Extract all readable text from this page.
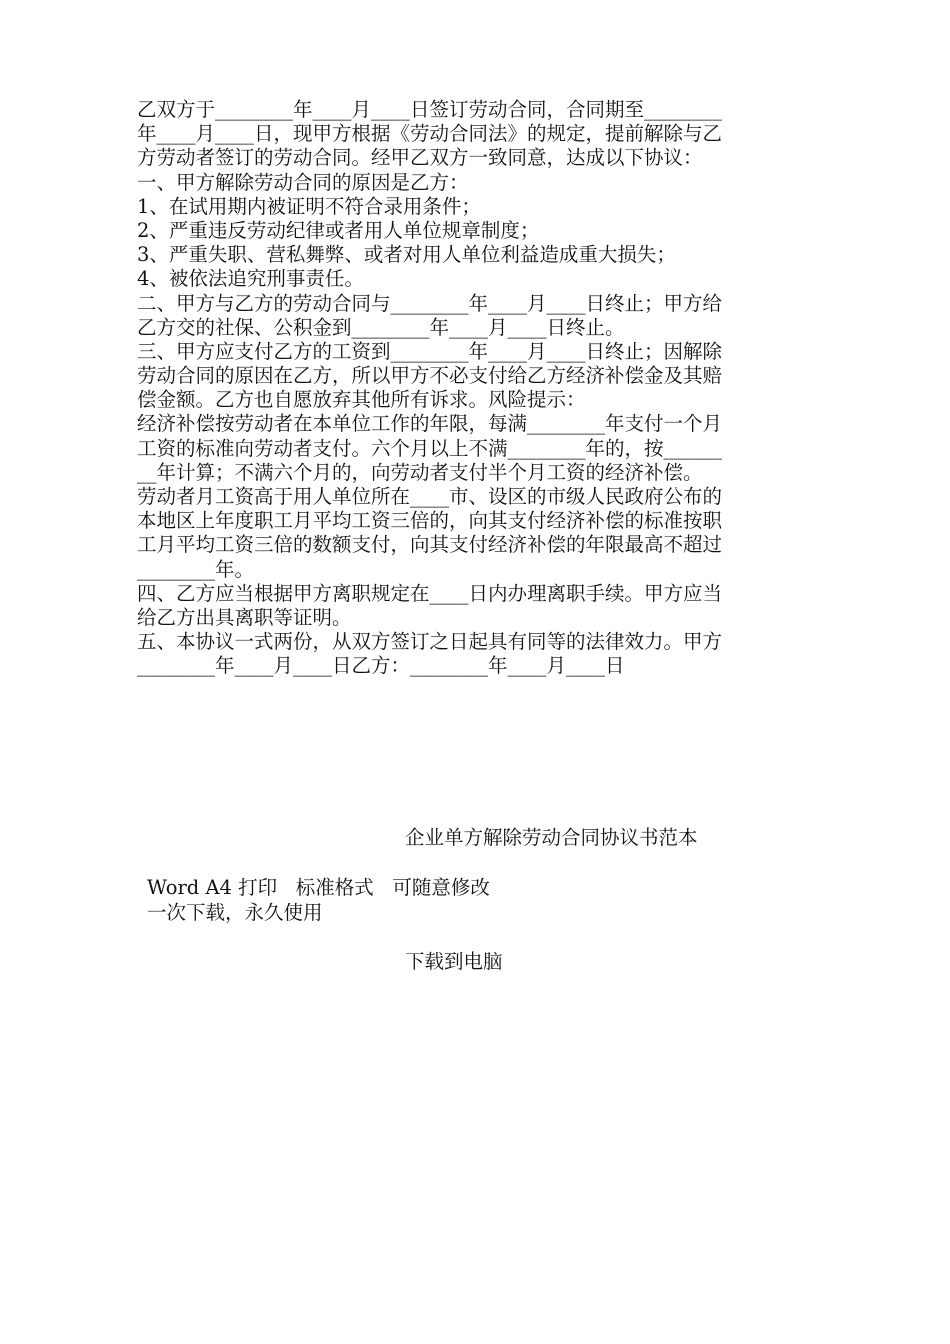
乙双方于________年____月____日签订劳动合同，合同期至________
年____月____日，现甲方根据《劳动合同法》的规定，提前解除与乙
方劳动者签订的劳动合同。经甲乙双方一致同意，达成以下协议：
一、甲方解除劳动合同的原因是乙方：
1、在试用期内被证明不符合录用条件；
2、严重违反劳动纪律或者用人单位规章制度；
3、严重失职、营私舞弊、或者对用人单位利益造成重大损失；
4、被依法追究刑事责任。
二、甲方与乙方的劳动合同与________年____月____日终止；甲方给
乙方交的社保、公积金到________年____月____日终止。
三、甲方应支付乙方的工资到________年____月____日终止；因解除
劳动合同的原因在乙方，所以甲方不必支付给乙方经济补偿金及其赔
偿金额。乙方也自愿放弃其他所有诉求。风险提示：
经济补偿按劳动者在本单位工作的年限，每满________年支付一个月
工资的标准向劳动者支付。六个月以上不满________年的，按______
__年计算；不满六个月的，向劳动者支付半个月工资的经济补偿。
劳动者月工资高于用人单位所在____市、设区的市级人民政府公布的
本地区上年度职工月平均工资三倍的，向其支付经济补偿的标准按职
工月平均工资三倍的数额支付，向其支付经济补偿的年限最高不超过
________年。
四、乙方应当根据甲方离职规定在____日内办理离职手续。甲方应当
给乙方出具离职等证明。
五、本协议一式两份，从双方签订之日起具有同等的法律效力。甲方
________年____月____日乙方：________年____月____日
企业单方解除劳动合同协议书范本
Word A4 打印   标准格式   可随意修改
一次下载，永久使用
下载到电脑
